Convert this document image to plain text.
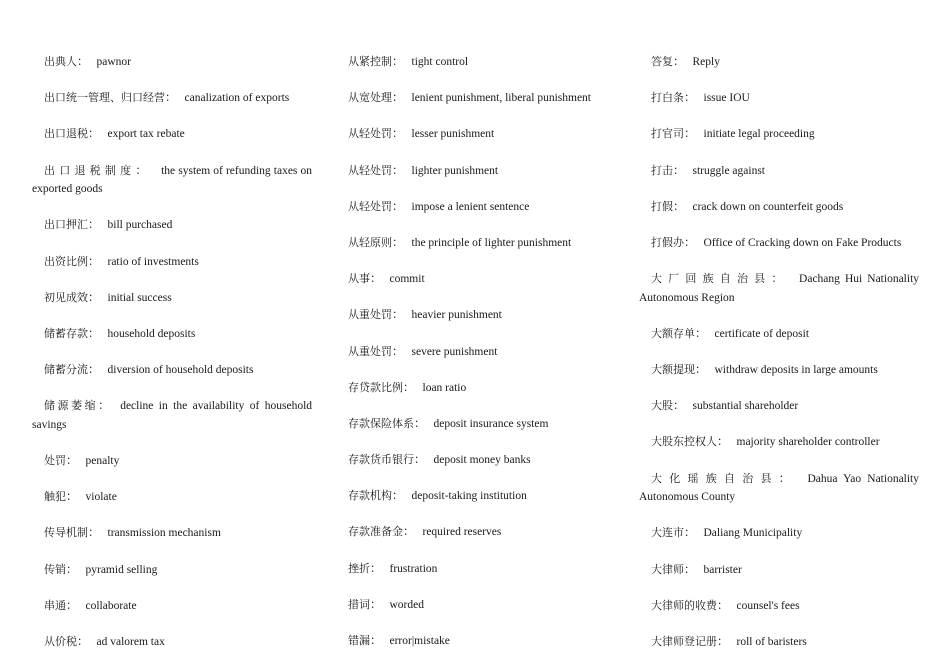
出典人： pawnor

出口统一管理、归口经营： canalization of exports

出口退税： export tax rebate

出口退税制度： the system of refunding taxes on exported goods

出口押汇： bill purchased

出资比例： ratio of investments

初见成效： initial success

储蓄存款： household deposits

储蓄分流： diversion of household deposits

储源萎缩： decline in the availability of household savings

处罚： penalty

触犯： violate

传导机制： transmission mechanism

传销： pyramid selling

串通： collaborate

从价税： ad valorem tax

从紧控制： tight control

从宽处理： lenient punishment, liberal punishment

从轻处罚： lesser punishment

从轻处罚： lighter punishment

从轻处罚： impose a lenient sentence

从轻原则： the principle of lighter punishment

从事： commit

从重处罚： heavier punishment

从重处罚： severe punishment

存贷款比例： loan ratio

存款保险体系： deposit insurance system

存款货币银行： deposit money banks

存款机构： deposit-taking institution

存款准备金： required reserves

挫折： frustration

措词： worded

错漏： error|mistake

答复： Reply

打白条： issue IOU

打官司： initiate legal proceeding

打击： struggle against

打假： crack down on counterfeit goods

打假办： Office of Cracking down on Fake Products

大厂回族自治县： Dachang Hui Nationality Autonomous Region

大额存单： certificate of deposit

大额提现： withdraw deposits in large amounts

大股： substantial shareholder

大股东控权人： majority shareholder controller

大化瑶族自治县： Dahua Yao Nationality Autonomous County

大连市： Daliang Municipality

大律师： barrister

大律师的收费： counsel's fees

大律师登记册： roll of baristers
